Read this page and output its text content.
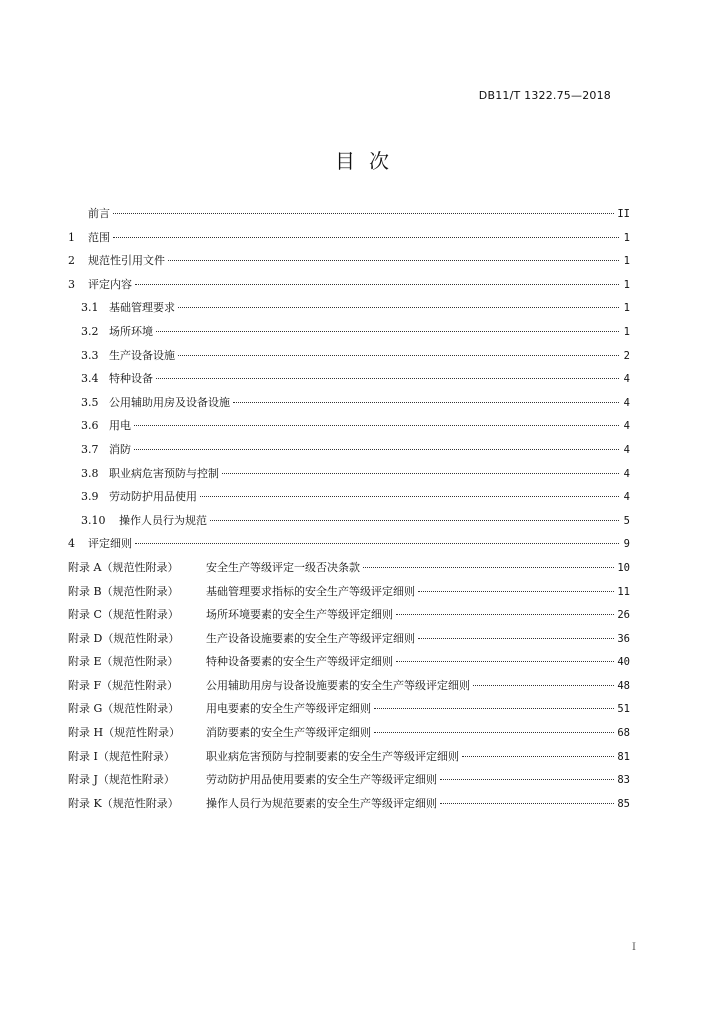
DB11/T 1322.75—2018
目次
前言	II
1	范围	1
2	规范性引用文件	1
3	评定内容	1
3.1 基础管理要求	1
3.2 场所环境	1
3.3 生产设备设施	2
3.4 特种设备	4
3.5 公用辅助用房及设备设施	4
3.6 用电	4
3.7 消防	4
3.8 职业病危害预防与控制	4
3.9 劳动防护用品使用	4
3.10	操作人员行为规范	5
4	评定细则	9
附录 A（规范性附录）	安全生产等级评定一级否决条款	10
附录 B（规范性附录）	基础管理要求指标的安全生产等级评定细则	11
附录 C（规范性附录）	场所环境要素的安全生产等级评定细则	26
附录 D（规范性附录）	生产设备设施要素的安全生产等级评定细则	36
附录 E（规范性附录）	特种设备要素的安全生产等级评定细则	40
附录 F（规范性附录）	公用辅助用房与设备设施要素的安全生产等级评定细则	48
附录 G（规范性附录）	用电要素的安全生产等级评定细则	51
附录 H（规范性附录）	消防要素的安全生产等级评定细则	68
附录 I（规范性附录）	职业病危害预防与控制要素的安全生产等级评定细则	81
附录 J（规范性附录）	劳动防护用品使用要素的安全生产等级评定细则	83
附录 K（规范性附录）	操作人员行为规范要素的安全生产等级评定细则	85
I
